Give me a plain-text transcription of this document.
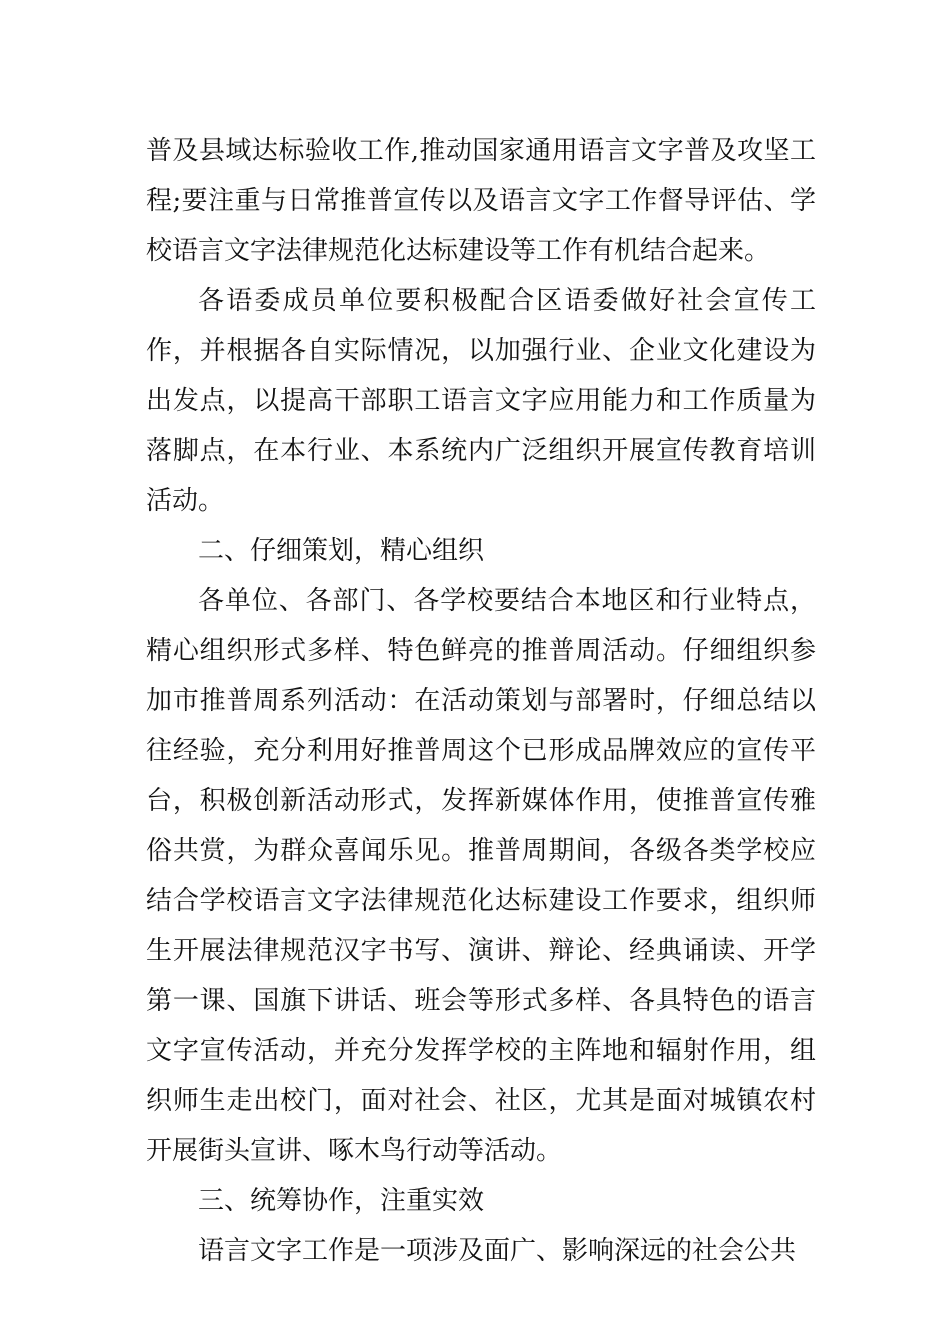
普及县域达标验收工作,推动国家通用语言文字普及攻坚工程;要注重与日常推普宣传以及语言文字工作督导评估、学校语言文字法律规范化达标建设等工作有机结合起来。

各语委成员单位要积极配合区语委做好社会宣传工作，并根据各自实际情况，以加强行业、企业文化建设为出发点，以提高干部职工语言文字应用能力和工作质量为落脚点，在本行业、本系统内广泛组织开展宣传教育培训活动。

二、仔细策划，精心组织

各单位、各部门、各学校要结合本地区和行业特点，精心组织形式多样、特色鲜亮的推普周活动。仔细组织参加市推普周系列活动：在活动策划与部署时，仔细总结以往经验，充分利用好推普周这个已形成品牌效应的宣传平台，积极创新活动形式，发挥新媒体作用，使推普宣传雅俗共赏，为群众喜闻乐见。推普周期间，各级各类学校应结合学校语言文字法律规范化达标建设工作要求，组织师生开展法律规范汉字书写、演讲、辩论、经典诵读、开学第一课、国旗下讲话、班会等形式多样、各具特色的语言文字宣传活动，并充分发挥学校的主阵地和辐射作用，组织师生走出校门，面对社会、社区，尤其是面对城镇农村开展街头宣讲、啄木鸟行动等活动。

三、统筹协作，注重实效

语言文字工作是一项涉及面广、影响深远的社会公共
